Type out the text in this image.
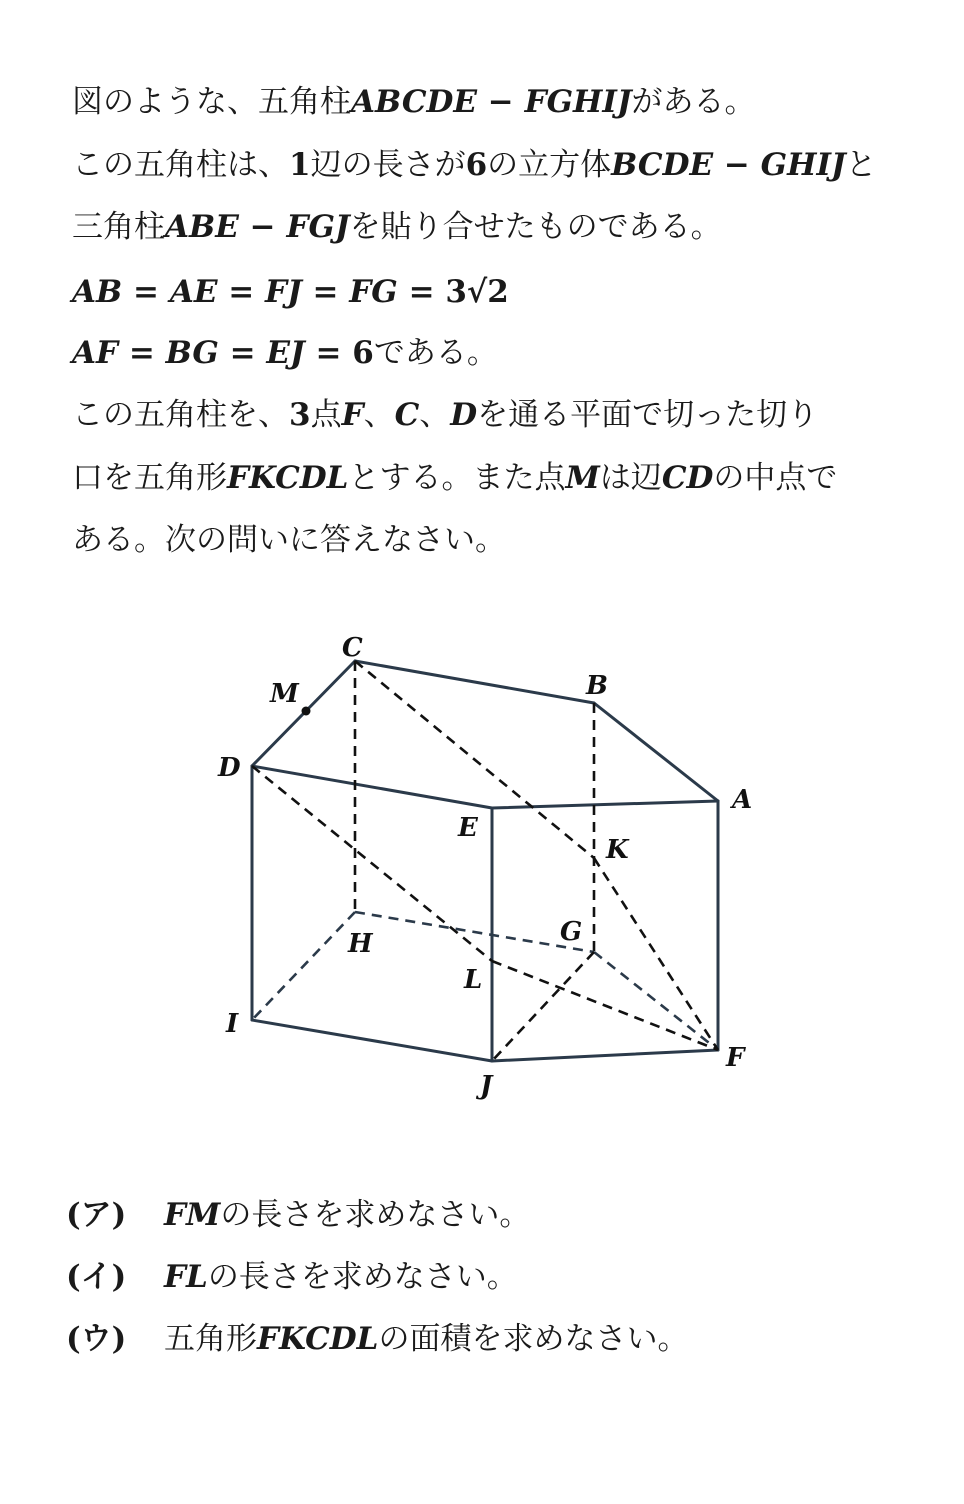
図のような、五角柱ABCDE − FGHIJがある。
この五角柱は、1辺の長さが6の立方体BCDE − GHIJと
三角柱ABE − FGJを貼り合せたものである。
AB = AE = FJ = FG = 3√2
AF = BG = EJ = 6である。
この五角柱を、3点F、C、Dを通る平面で切った切り
口を五角形FKCDLとする。また点Mは辺CDの中点で
ある。次の問いに答えなさい。
C
B
M
D
A
E
K
G
H
L
I
F
J
(ア) FMの長さを求めなさい。
(イ) FLの長さを求めなさい。
(ウ) 五角形FKCDLの面積を求めなさい。
